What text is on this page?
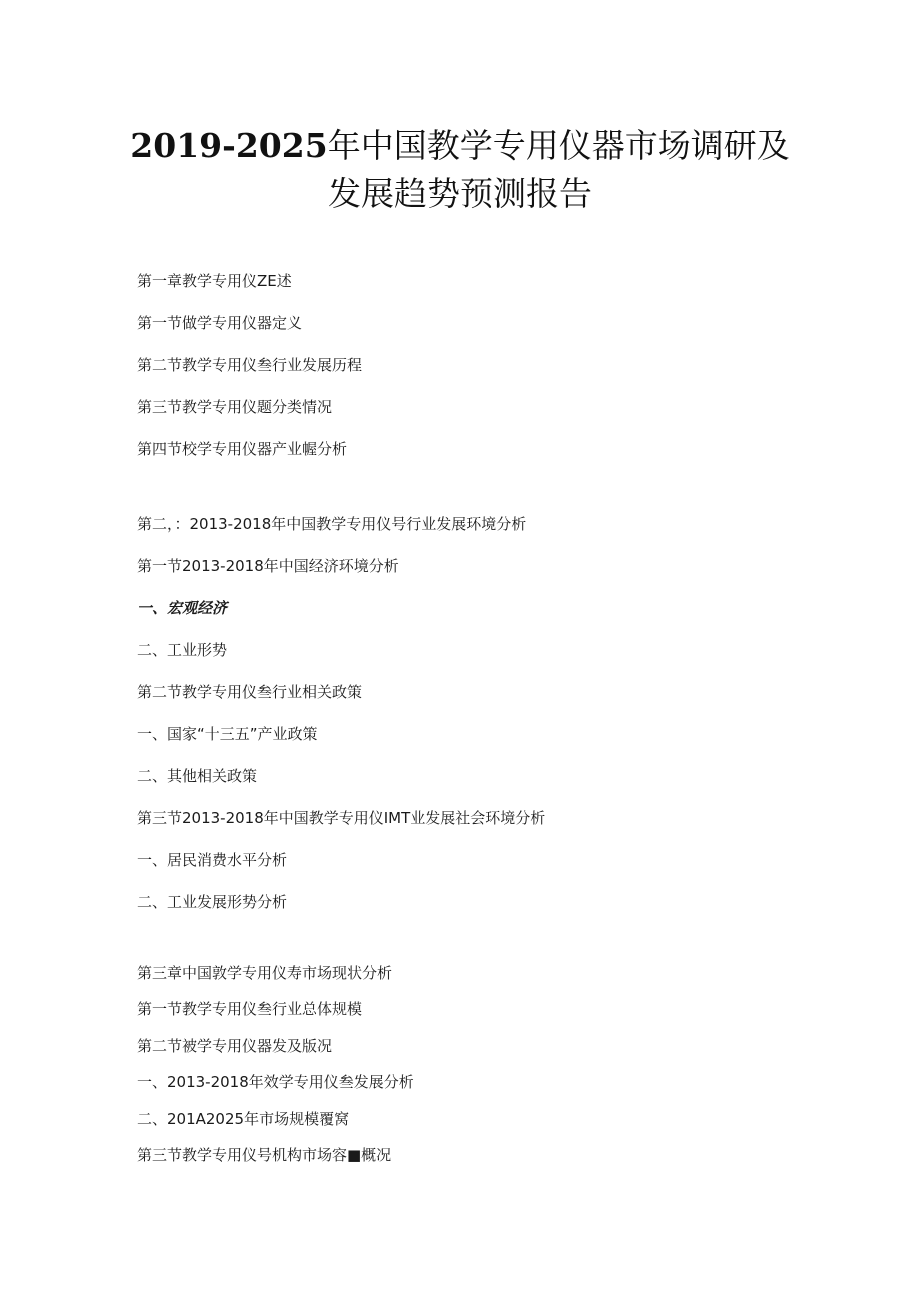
2019-2025年中国教学专用仪器市场调研及
发展趋势预测报告
第一章教学专用仪ZE述
第一节做学专用仪器定义
第二节教学专用仪叁行业发展历程
第三节教学专用仪题分类情况
第四节校学专用仪器产业幄分析
第二，：2013-2018年中国教学专用仪号行业发展环境分析
第一节2013-2018年中国经济环境分析
一、宏观经济
二、工业形势
第二节教学专用仪叁行业相关政策
一、国家“十三五”产业政策
二、其他相关政策
第三节2013-2018年中国教学专用仪IMT业发展社会环境分析
一、居民消费水平分析
二、工业发展形势分析
第三章中国敦学专用仪寿市场现状分析
第一节教学专用仪叁行业总体规模
第二节被学专用仪器发及版况
一、2013-2018年效学专用仪叁发展分析
二、201A2025年市场规模覆窝
第三节教学专用仪号机构市场容■概况
